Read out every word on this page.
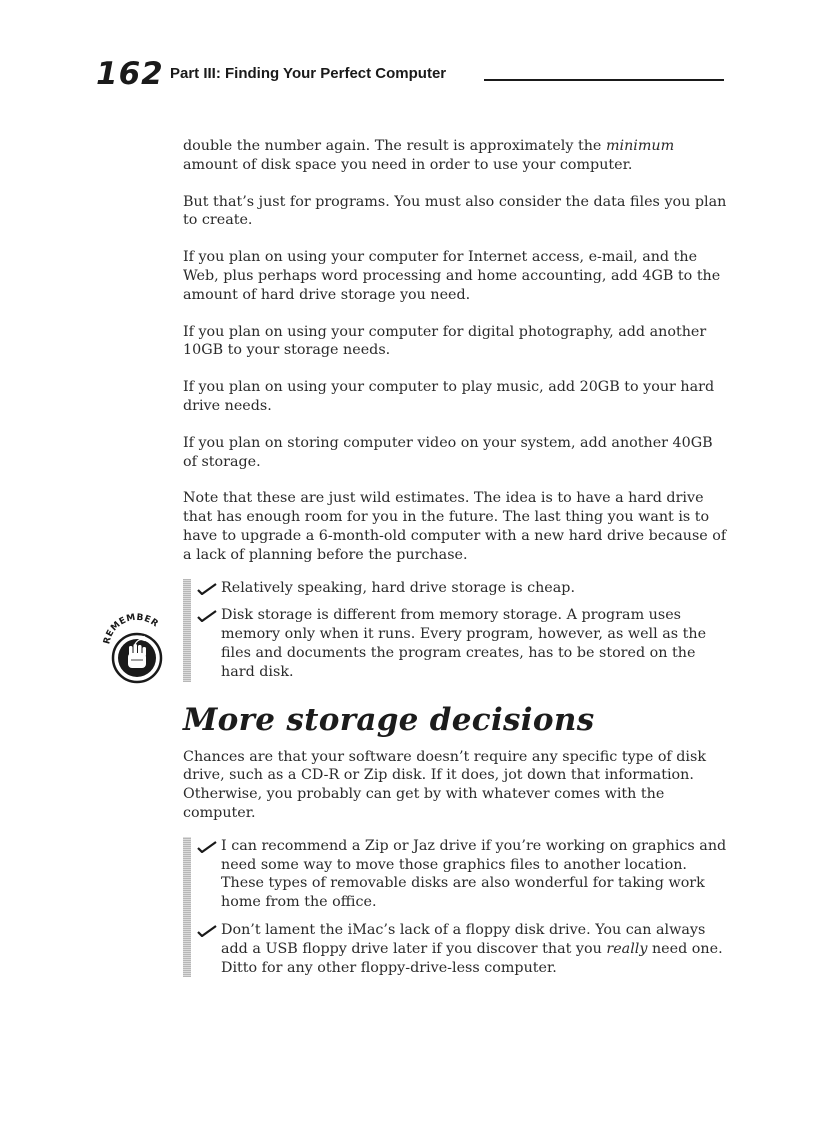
162 Part III: Finding Your Perfect Computer
REMEMBER

double the number again. The result is approximately the minimum amount of disk space you need in order to use your computer.

But that’s just for programs. You must also consider the data files you plan to create.

If you plan on using your computer for Internet access, e-mail, and the Web, plus perhaps word processing and home accounting, add 4GB to the amount of hard drive storage you need.

If you plan on using your computer for digital photography, add another 10GB to your storage needs.

If you plan on using your computer to play music, add 20GB to your hard drive needs.

If you plan on storing computer video on your system, add another 40GB of storage.

Note that these are just wild estimates. The idea is to have a hard drive that has enough room for you in the future. The last thing you want is to have to upgrade a 6-month-old computer with a new hard drive because of a lack of planning before the purchase.

Relatively speaking, hard drive storage is cheap.
Disk storage is different from memory storage. A program uses memory only when it runs. Every program, however, as well as the files and documents the program creates, has to be stored on the hard disk.
More storage decisions

Chances are that your software doesn’t require any specific type of disk drive, such as a CD-R or Zip disk. If it does, jot down that information. Otherwise, you probably can get by with whatever comes with the computer.

I can recommend a Zip or Jaz drive if you’re working on graphics and need some way to move those graphics files to another location. These types of removable disks are also wonderful for taking work home from the office.
Don’t lament the iMac’s lack of a floppy disk drive. You can always add a USB floppy drive later if you discover that you really need one. Ditto for any other floppy-drive-less computer.
